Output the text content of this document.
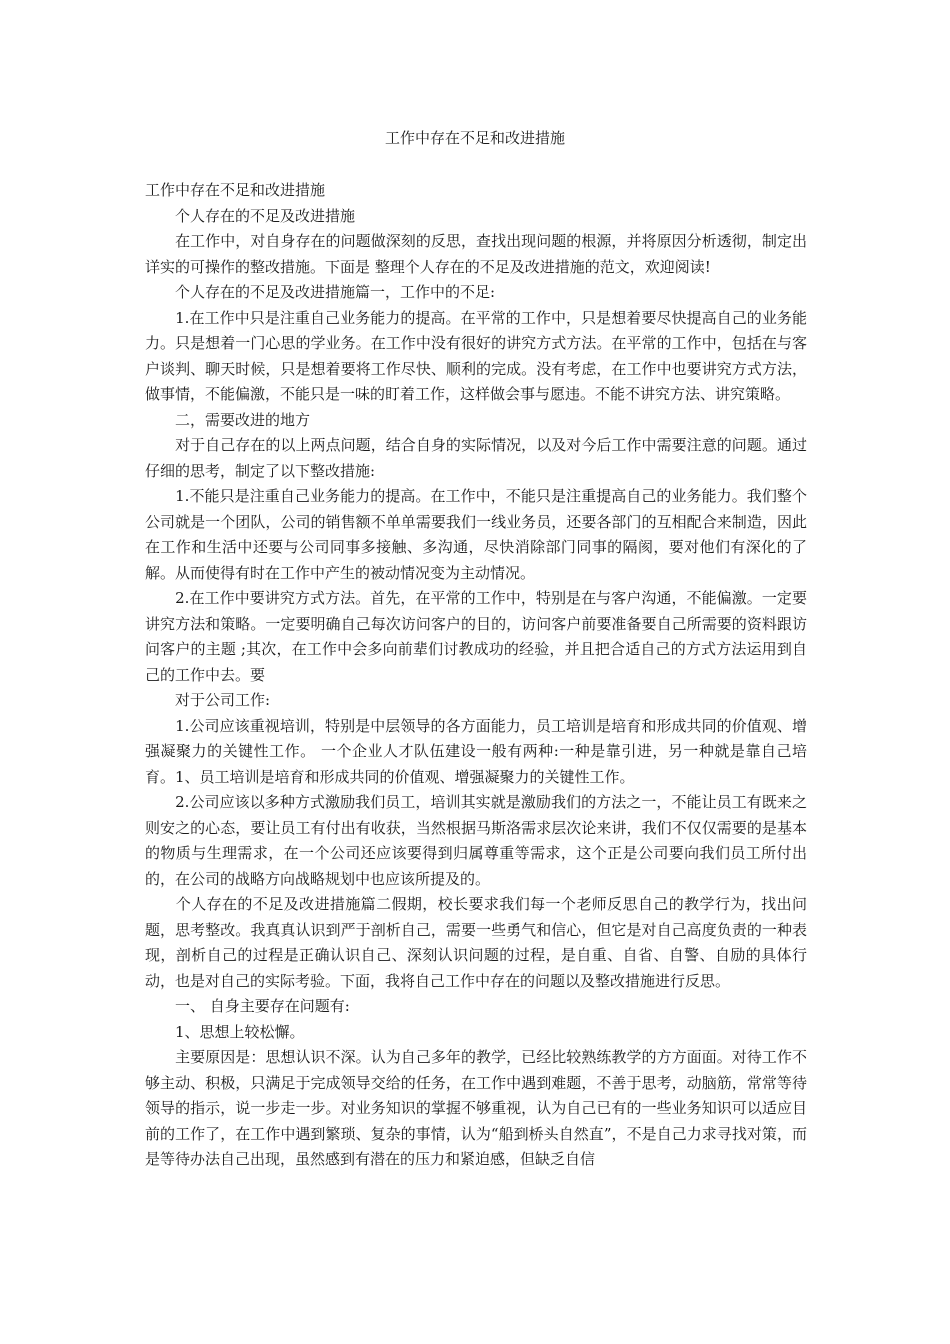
工作中存在不足和改进措施

工作中存在不足和改进措施

　　个人存在的不足及改进措施

　　在工作中，对自身存在的问题做深刻的反思，查找出现问题的根源，并将原因分析透彻，制定出详实的可操作的整改措施。下面是 整理个人存在的不足及改进措施的范文，欢迎阅读!

　　个人存在的不足及改进措施篇一，工作中的不足:

　　1.在工作中只是注重自己业务能力的提高。在平常的工作中，只是想着要尽快提高自己的业务能力。只是想着一门心思的学业务。在工作中没有很好的讲究方式方法。在平常的工作中，包括在与客户谈判、聊天时候，只是想着要将工作尽快、顺利的完成。没有考虑，在工作中也要讲究方式方法，做事情，不能偏激，不能只是一味的盯着工作，这样做会事与愿违。不能不讲究方法、讲究策略。

　　二，需要改进的地方

　　对于自己存在的以上两点问题，结合自身的实际情况，以及对今后工作中需要注意的问题。通过仔细的思考，制定了以下整改措施:

　　1.不能只是注重自己业务能力的提高。在工作中，不能只是注重提高自己的业务能力。我们整个公司就是一个团队，公司的销售额不单单需要我们一线业务员，还要各部门的互相配合来制造，因此在工作和生活中还要与公司同事多接触、多沟通，尽快消除部门同事的隔阂，要对他们有深化的了解。从而使得有时在工作中产生的被动情况变为主动情况。

　　2.在工作中要讲究方式方法。首先，在平常的工作中，特别是在与客户沟通，不能偏激。一定要讲究方法和策略。一定要明确自己每次访问客户的目的，访问客户前要准备要自己所需要的资料跟访问客户的主题 ;其次，在工作中会多向前辈们讨教成功的经验，并且把合适自己的方式方法运用到自己的工作中去。要

　　对于公司工作:

　　1.公司应该重视培训，特别是中层领导的各方面能力，员工培训是培育和形成共同的价值观、增强凝聚力的关键性工作。 一个企业人才队伍建设一般有两种:一种是靠引进，另一种就是靠自己培育。1、员工培训是培育和形成共同的价值观、增强凝聚力的关键性工作。

　　2.公司应该以多种方式激励我们员工，培训其实就是激励我们的方法之一，不能让员工有既来之则安之的心态，要让员工有付出有收获，当然根据马斯洛需求层次论来讲，我们不仅仅需要的是基本的物质与生理需求，在一个公司还应该要得到归属尊重等需求，这个正是公司要向我们员工所付出的，在公司的战略方向战略规划中也应该所提及的。

　　个人存在的不足及改进措施篇二假期，校长要求我们每一个老师反思自己的教学行为，找出问题，思考整改。我真真认识到严于剖析自己，需要一些勇气和信心，但它是对自己高度负责的一种表现，剖析自己的过程是正确认识自己、深刻认识问题的过程，是自重、自省、自警、自励的具体行动，也是对自己的实际考验。下面，我将自己工作中存在的问题以及整改措施进行反思。

　　一、 自身主要存在问题有:

　　1、思想上较松懈。

　　主要原因是：思想认识不深。认为自己多年的教学，已经比较熟练教学的方方面面。对待工作不够主动、积极，只满足于完成领导交给的任务，在工作中遇到难题，不善于思考，动脑筋，常常等待领导的指示，说一步走一步。对业务知识的掌握不够重视，认为自己已有的一些业务知识可以适应目前的工作了，在工作中遇到繁琐、复杂的事情，认为“船到桥头自然直”，不是自己力求寻找对策，而是等待办法自己出现，虽然感到有潜在的压力和紧迫感，但缺乏自信
